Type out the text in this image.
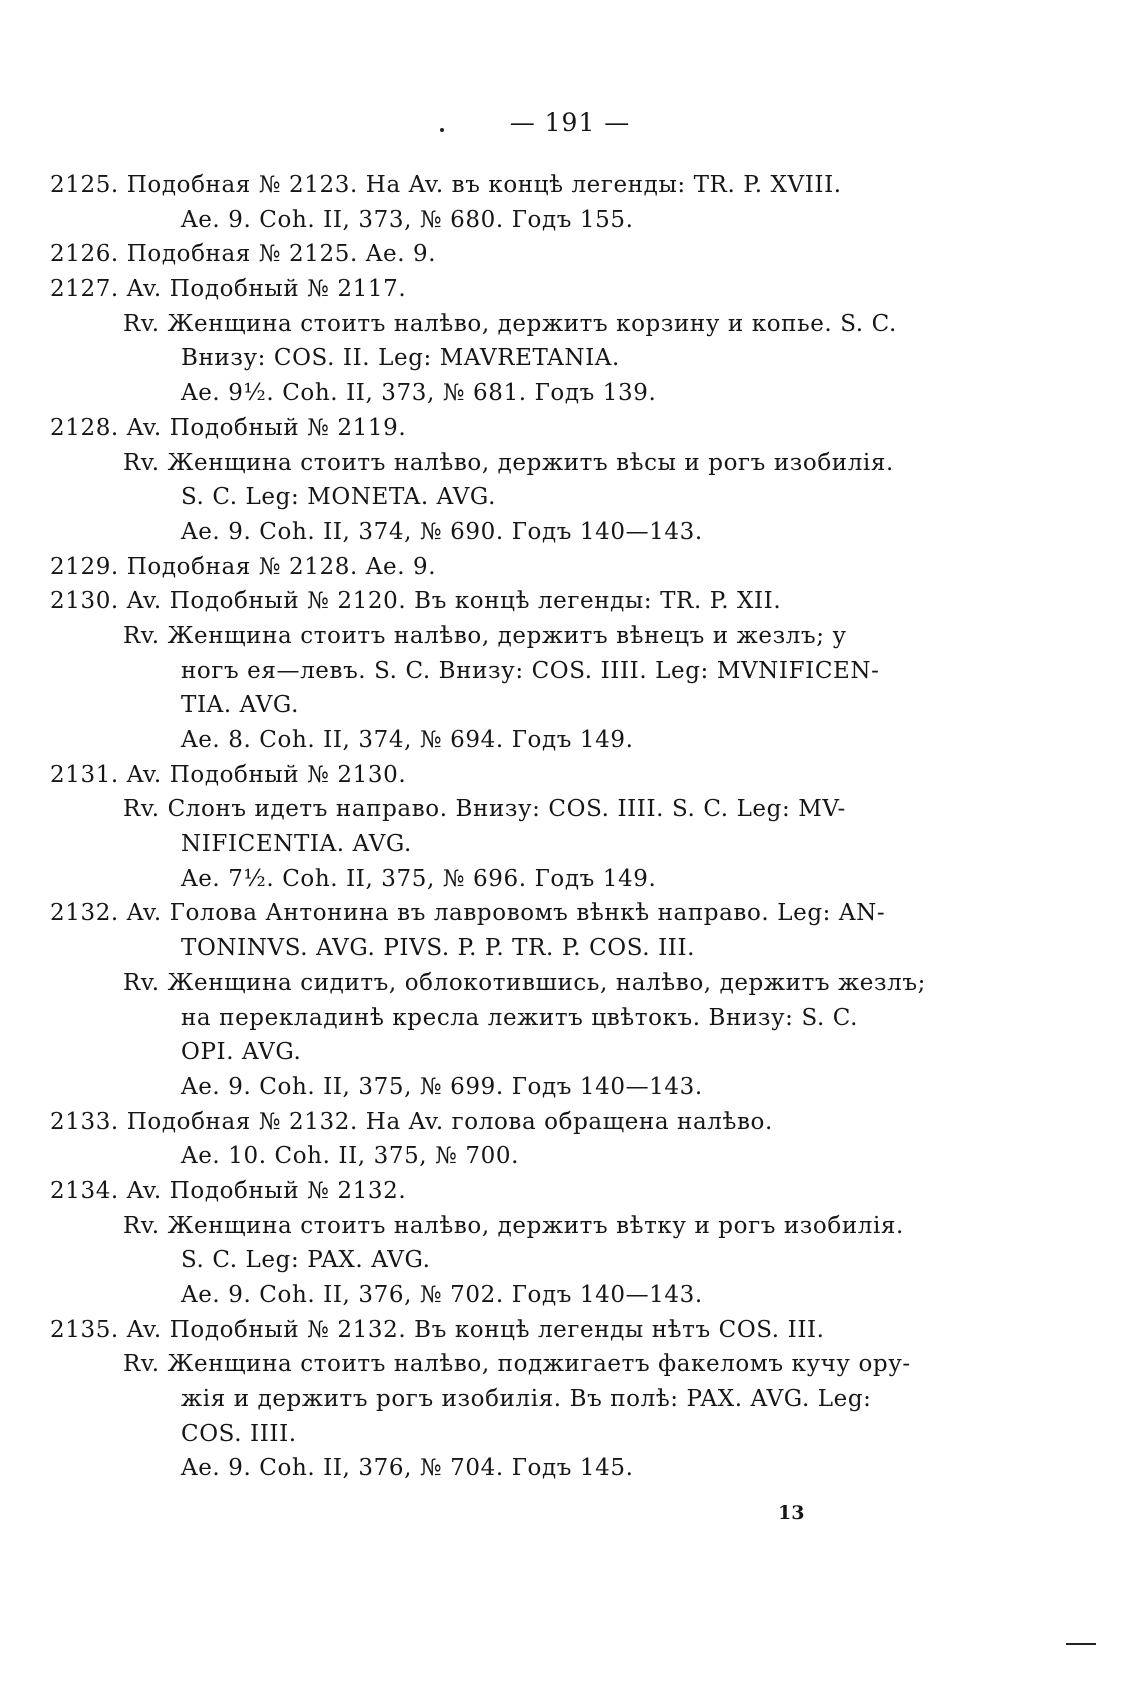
— 191 —
2125. Подобная № 2123. На Av. въ концѣ легенды: TR. P. XVIII.
Ae. 9. Coh. II, 373, № 680. Годъ 155.
2126. Подобная № 2125. Ae. 9.
2127. Av. Подобный № 2117.
Rv. Женщина стоитъ налѣво, держитъ корзину и копье. S. C.
Внизу: COS. II. Leg: MAVRETANIA.
Ae. 9½. Coh. II, 373, № 681. Годъ 139.
2128. Av. Подобный № 2119.
Rv. Женщина стоитъ налѣво, держитъ вѣсы и рогъ изобилія.
S. C. Leg: MONETA. AVG.
Ae. 9. Coh. II, 374, № 690. Годъ 140—143.
2129. Подобная № 2128. Ae. 9.
2130. Av. Подобный № 2120. Въ концѣ легенды: TR. P. XII.
Rv. Женщина стоитъ налѣво, держитъ вѣнецъ и жезлъ; у
ногъ ея—левъ. S. C. Внизу: COS. IIII. Leg: MVNIFICEN-
TIA. AVG.
Ae. 8. Coh. II, 374, № 694. Годъ 149.
2131. Av. Подобный № 2130.
Rv. Слонъ идетъ направо. Внизу: COS. IIII. S. C. Leg: MV-
NIFICENTIA. AVG.
Ae. 7½. Coh. II, 375, № 696. Годъ 149.
2132. Av. Голова Антонина въ лавровомъ вѣнкѣ направо. Leg: AN-
TONINVS. AVG. PIVS. P. P. TR. P. COS. III.
Rv. Женщина сидитъ, облокотившись, налѣво, держитъ жезлъ;
на перекладинѣ кресла лежитъ цвѣтокъ. Внизу: S. C.
OPI. AVG.
Ae. 9. Coh. II, 375, № 699. Годъ 140—143.
2133. Подобная № 2132. На Av. голова обращена налѣво.
Ae. 10. Coh. II, 375, № 700.
2134. Av. Подобный № 2132.
Rv. Женщина стоитъ налѣво, держитъ вѣтку и рогъ изобилія.
S. C. Leg: PAX. AVG.
Ae. 9. Coh. II, 376, № 702. Годъ 140—143.
2135. Av. Подобный № 2132. Въ концѣ легенды нѣтъ COS. III.
Rv. Женщина стоитъ налѣво, поджигаетъ факеломъ кучу ору-
жія и держитъ рогъ изобилія. Въ полѣ: PAX. AVG. Leg:
COS. IIII.
Ae. 9. Coh. II, 376, № 704. Годъ 145.
13
